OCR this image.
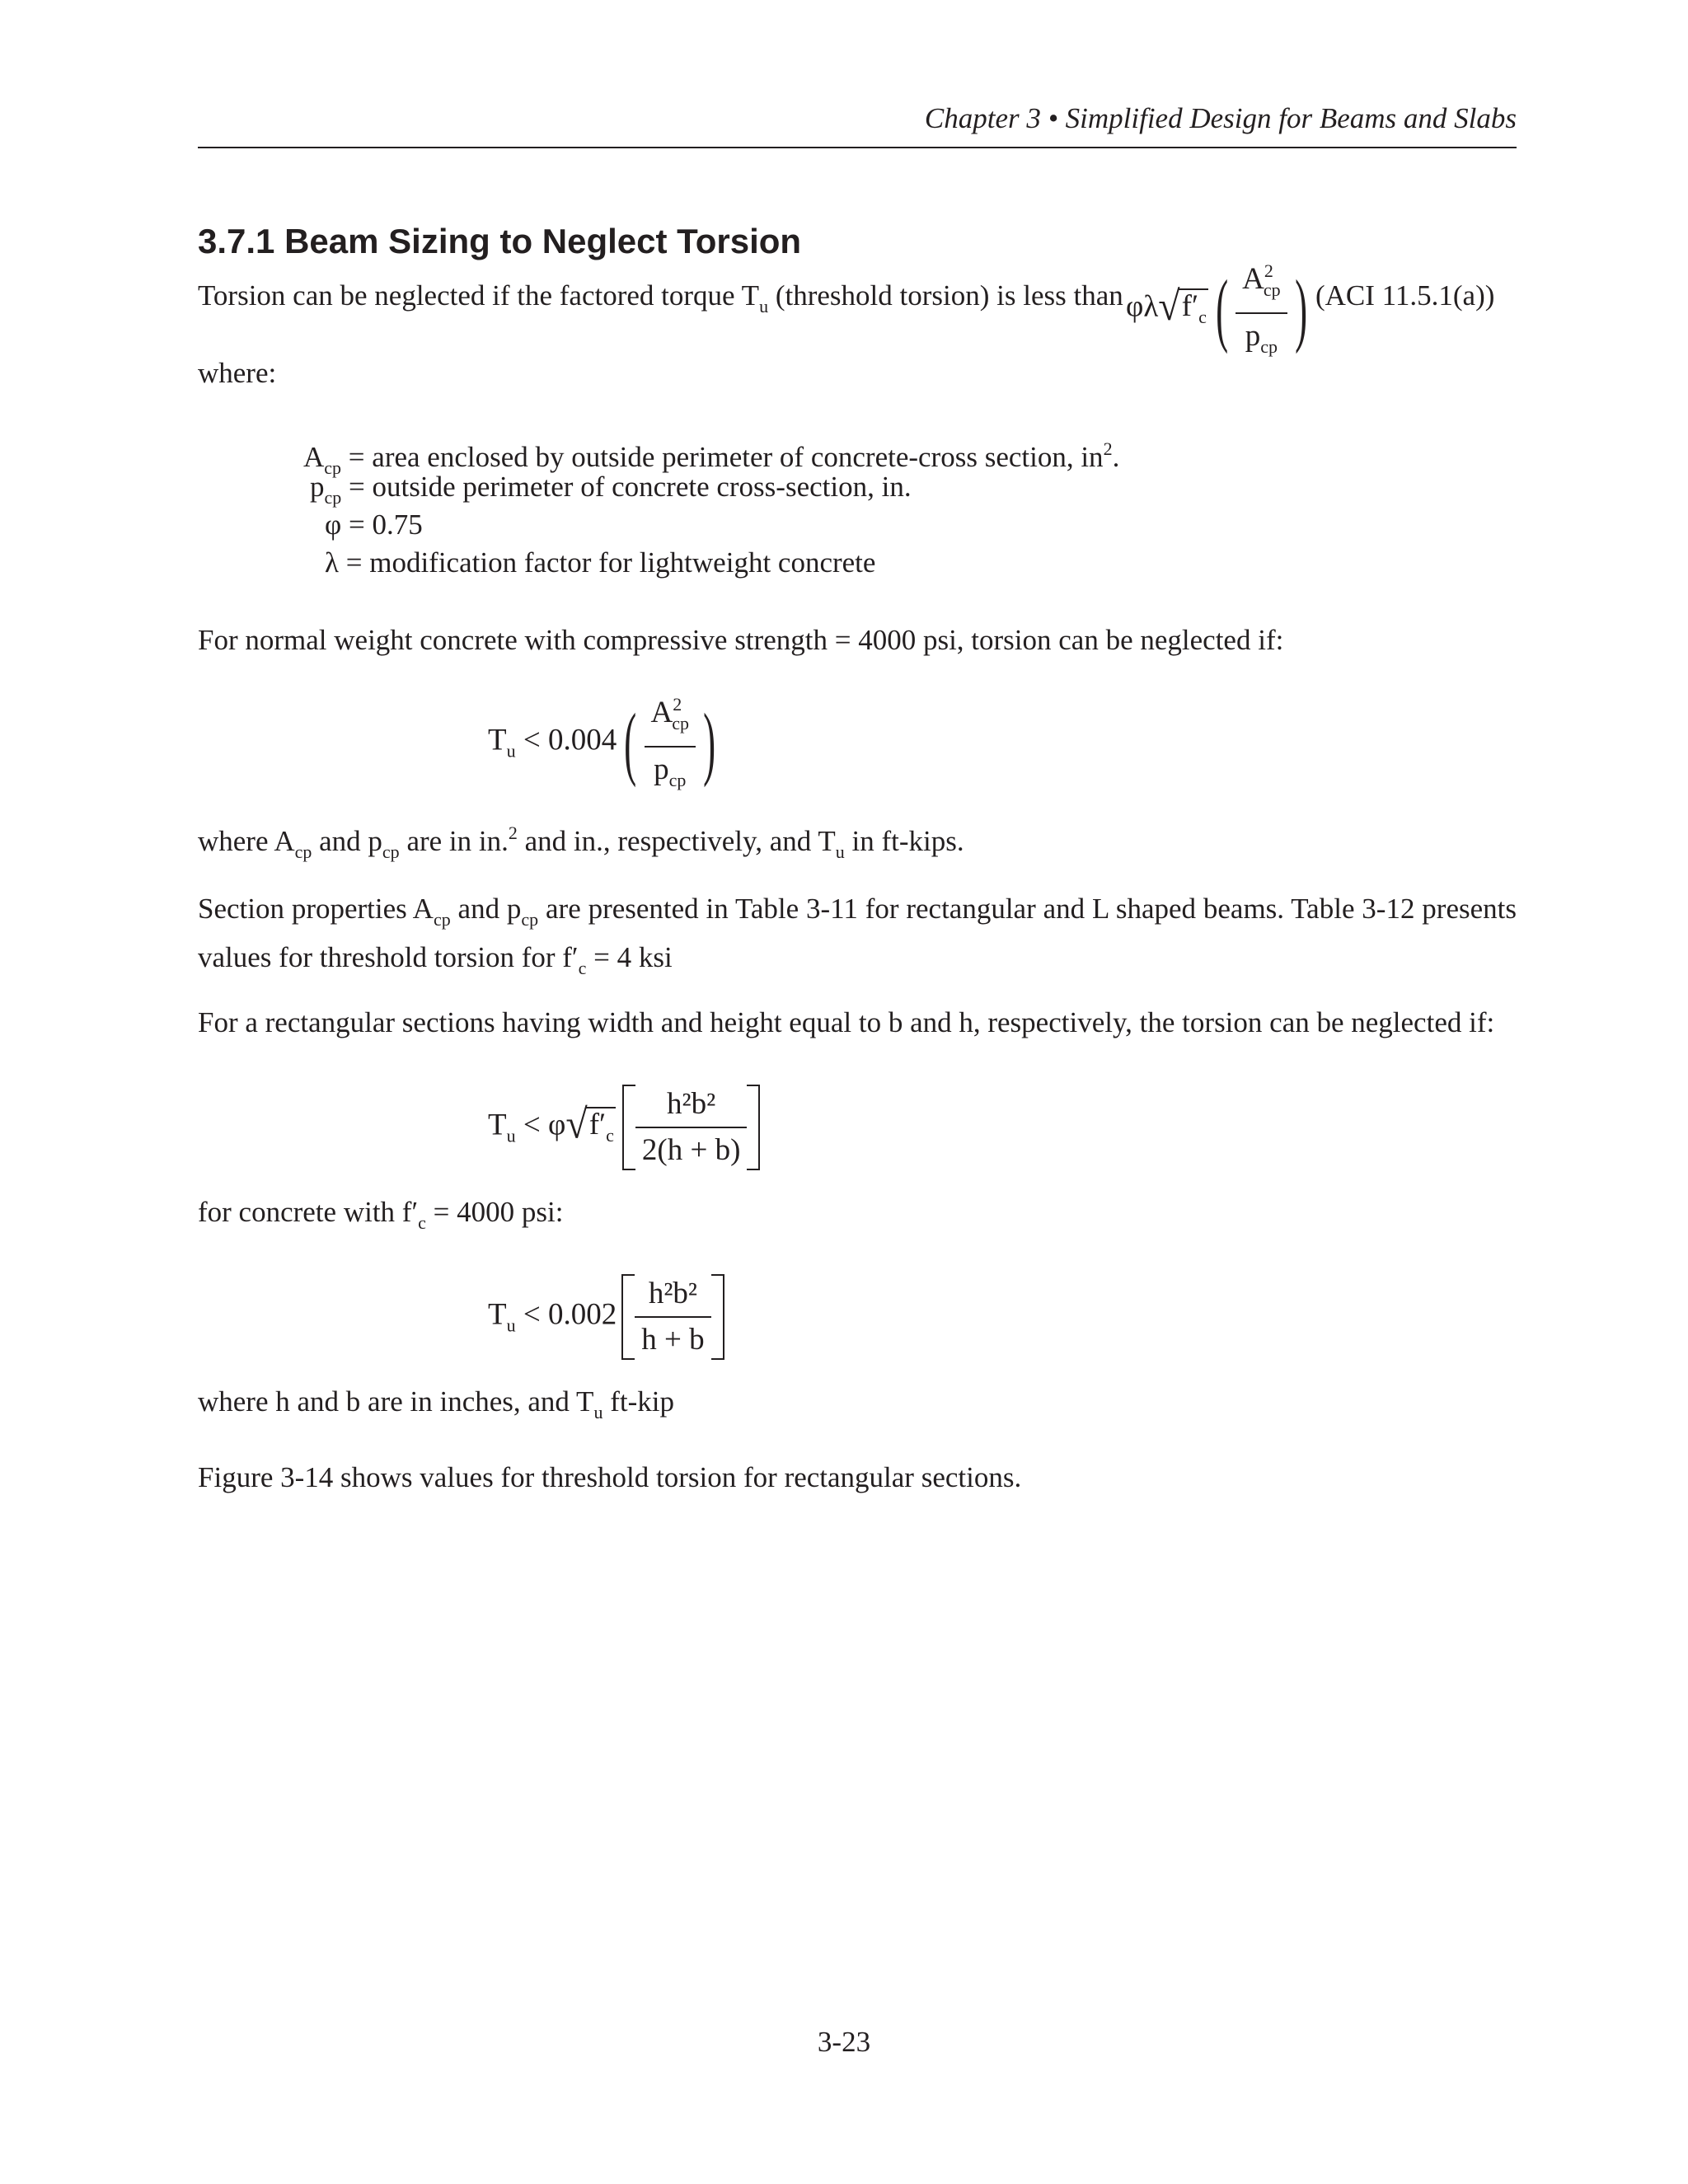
Chapter 3 • Simplified Design for Beams and Slabs
3.7.1 Beam Sizing to Neglect Torsion
Torsion can be neglected if the factored torque $T_u$ (threshold torsion) is less than $\varphi\lambda√f'_c$ ( $\frac{A^2_{cp}}{p_{cp}}$ ) (ACI 11.5.1(a))
where:
$A_{cp}$ = area enclosed by outside perimeter of concrete-cross section, $in^2$.
$p_{cp}$ = outside perimeter of concrete cross-section, in.
φ = 0.75
λ = modification factor for lightweight concrete
For normal weight concrete with compressive strength = 4000 psi, torsion can be neglected if:
$T_u < 0.004( \frac{A^2_{cp}}{p_{cp}}$ )
where $A_{cp}$ and $p_{cp}$ are in in.$^2$ and in., respectively, and $T_u$ in ft-kips.
Section properties $A_{cp}$ and $p_{cp}$ are presented in Table 3-11 for rectangular and L shaped beams. Table 3-12 presents values for threshold torsion for $f'_c = 4$ ksi
For a rectangular sections having width and height equal to b and h, respectively, the torsion can be neglected if:
$T_u < \varphi√f'_c \frac{\text{h²b²}}{2(h + b)}$
for concrete with $f'_c = 4000$ psi:
$T_u < 0.002 \frac{\text{h²b²}}{h + b}$
where h and b are in inches, and $T_u$ ft-kip
Figure 3-14 shows values for threshold torsion for rectangular sections.
3-23
